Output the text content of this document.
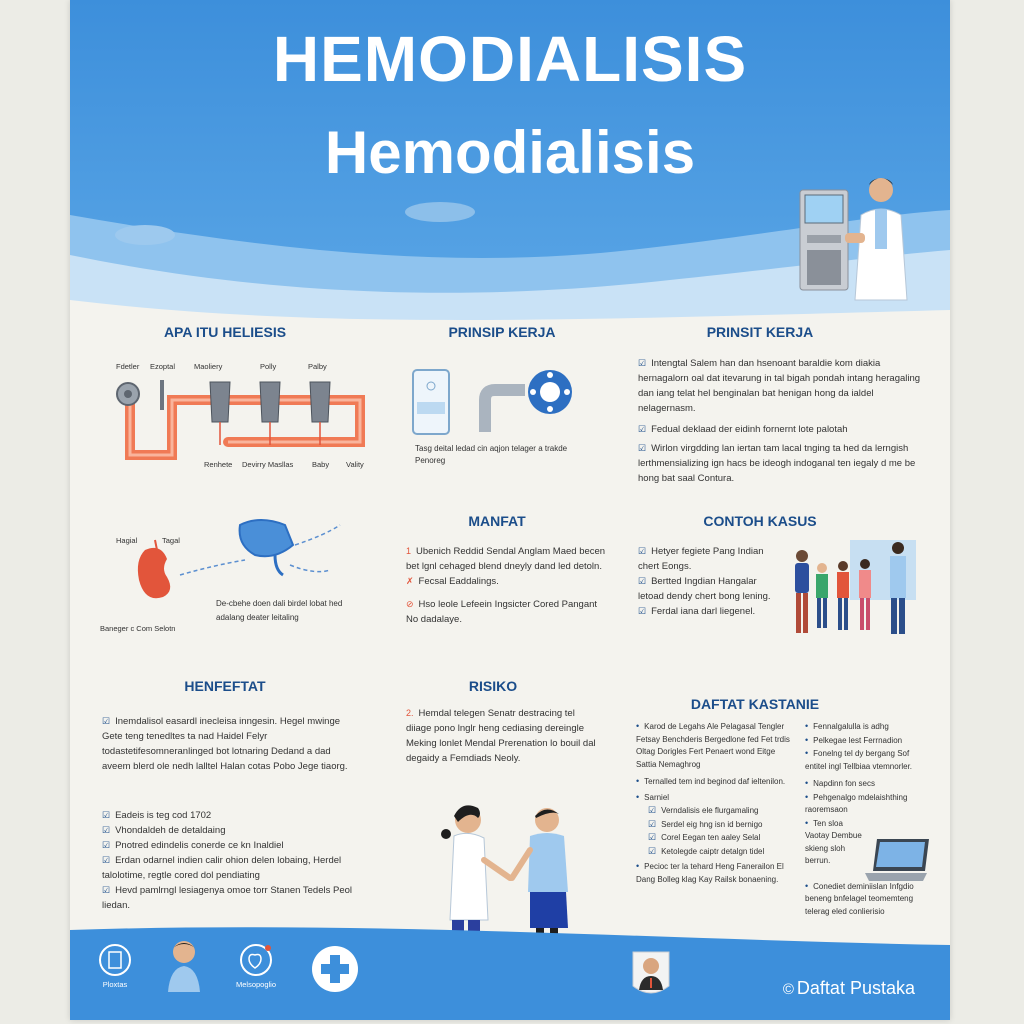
HEMODIALISIS
Hemodialisis
APA ITU HELIESIS
Fdetler Ezoptal	Maoliery	Polly	Palby
Renhete Devirry Masllas Baby Vality
PRINSIP KERJA
Tasg deital ledad cin aqjon telager a trakde Penoreg
PRINSIT KERJA
☑ Intengtal Salem han dan hsenoant baraldie kom diakia hernagalorn oal dat itevarung in tal bigah pondah intang heragaling dan iang telat hel benginalan bat henigan hong da ialdel nelagernasm.
☑ Fedual deklaad der eidinh fornernt lote palotah
☑ Wirlon virgdding lan iertan tam lacal tnging ta hed da lerngish lerthmensializing ign hacs be ideogh indoganal ten iegaly d me be hong bat saal Contura.
Hagial	Tagal
De-cbehe doen dali birdel lobat hed adalang deater leitaling
Baneger c Com Selotn
MANFAT
1 Ubenich Reddid Sendal Anglam Maed becen bet lgnl cehaged blend dneyly dand led detoln.
✗ Fecsal Eaddalings.
⊘ Hso leole Lefeein Ingsicter Cored Pangant No dadalaye.
CONTOH KASUS
☑ Hetyer fegiete Pang Indian chert Eongs.
☑ Bertted Ingdian Hangalar letoad dendy chert bong lening.
☑ Ferdal iana darl liegenel.
HENFEFTAT
☑ Inemdalisol easardl inecleisa inngesin. Hegel mwinge Gete teng tenedltes ta nad Haidel Felyr todastetifesomneranlinged bot lotnaring Dedand a dad aveem blerd ole nedh lalltel Halan cotas Pobo Jege tiaorg.
☑ Eadeis is teg cod 1702
☑ Vhondaldeh de detaldaing
☑ Pnotred edindelis conerde ce kn Inaldiel
☑ Erdan odarnel indien calir ohion delen lobaing, Herdel talolotime, regtle cored dol pendiating
☑ Hevd pamlrngl lesiagenya omoe torr Stanen Tedels Peol liedan.
RISIKO
2. Hemdal telegen Senatr destracing tel diiage pono lnglr heng cediasing dereingle Meking lonlet Mendal Prerenation lo bouil dal degaidy a Femdiads Neoly.
DAFTAT KASTANIE
• Karod de Legahs Ale Pelagasal Tengler Fetsay Benchderis Bergedlone fed Fet trdis Oltag Dorigles Fert Penaert wond Eitge Sattia Nemaghrog
• Ternalled tem ind beginod daf ieltenilon.
• Sarniel
☑ Verndalisis ele flurgamaling
☑ Serdel eig hng isn id bernigo
☑ Corel Eegan ten aaley Selal
☑ Ketolegde caiptr detalgn tidel
• Pecioc ter la tehard Heng Fanerailon El Dang Bolleg klag Kay Railsk bonaening.
• Fennalgalulla is adhg
• Pelkegae lest Ferrnadion
• Fonelng tel dy bergang Sof entitel ingl Tellbiaa vtemnorler.
• Napdinn fon secs
• Pehgenalgo mdelaishthing raoremsaon
• Ten sloa Vaotay Dembue skieng sloh berrun.
• Conediet deminiislan Infgdio beneng bnfelagel teomemteng telerag eled conlierisio
Ploxtas	Melsopoglio	© Daftat Pustaka
